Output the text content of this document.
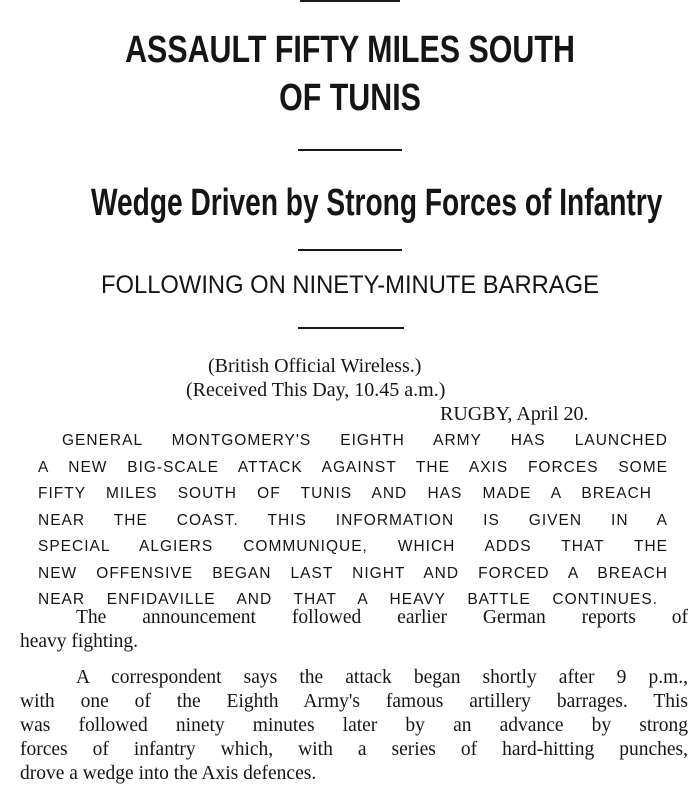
ASSAULT FIFTY MILES SOUTH
OF TUNIS
Wedge Driven by Strong Forces of Infantry
FOLLOWING ON NINETY-MINUTE BARRAGE
(British Official Wireless.)
(Received This Day, 10.45 a.m.)
RUGBY, April 20.
GENERAL MONTGOMERY'S EIGHTH ARMY HAS LAUNCHED
A NEW BIG-SCALE ATTACK AGAINST THE AXIS FORCES SOME
FIFTY MILES SOUTH OF TUNIS AND HAS MADE A BREACH
NEAR THE COAST. THIS INFORMATION IS GIVEN IN A
SPECIAL ALGIERS COMMUNIQUE, WHICH ADDS THAT THE
NEW OFFENSIVE BEGAN LAST NIGHT AND FORCED A BREACH
NEAR ENFIDAVILLE AND THAT A HEAVY BATTLE CONTINUES.
The announcement followed earlier German reports of
heavy fighting.
A correspondent says the attack began shortly after 9 p.m.,
with one of the Eighth Army's famous artillery barrages. This
was followed ninety minutes later by an advance by strong
forces of infantry which, with a series of hard-hitting punches,
drove a wedge into the Axis defences.
